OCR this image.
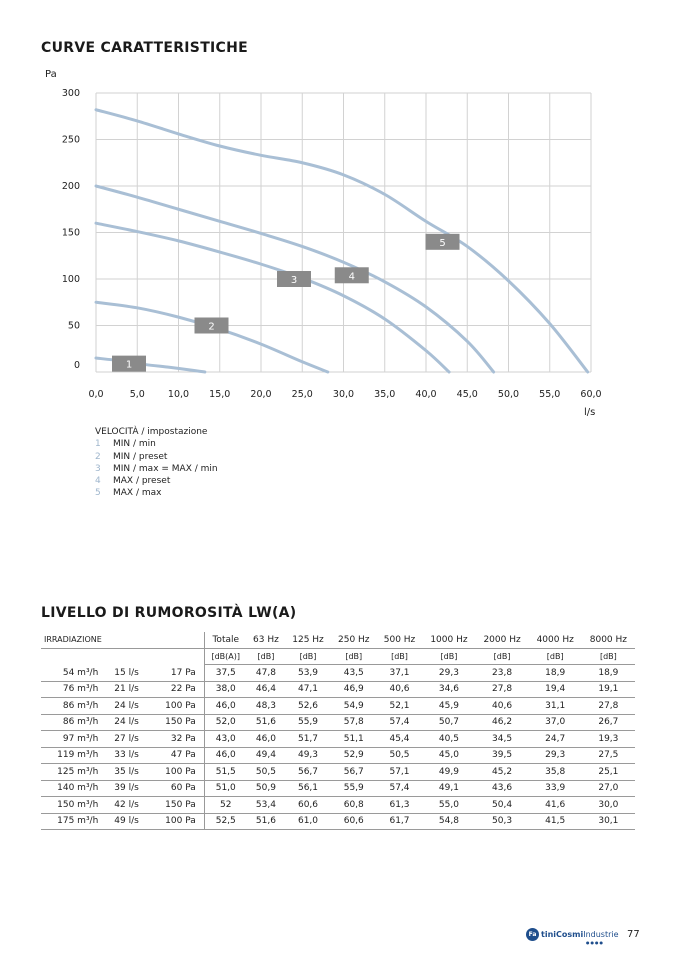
CURVE CARATTERISTICHE
0,0	5,0 10,0 15,0 20,0 25,0 30,0 35,0 40,0 45,0 50,0 55,0 60,0
300
250
200
150
100
50
0
Pa
l/s
1
2
3	4
5
VELOCITÀ / impostazione
1	MIN / min
2	MIN / preset
3	MIN / max = MAX / min
4	MAX / preset
5	MAX / max
LIVELLO DI RUMOROSITÀ LW(A)
IRRADIAZIONE			Totale	63 Hz	125 Hz	250 Hz	500 Hz	1000 Hz	2000 Hz	4000 Hz	8000 Hz
			[dB(A)]	[dB]	[dB]	[dB]	[dB]	[dB]	[dB]	[dB]	[dB]
54 m³/h	15 l/s	17 Pa	37,5	47,8	53,9	43,5	37,1	29,3	23,8	18,9	18,9
76 m³/h	21 l/s	22 Pa	38,0	46,4	47,1	46,9	40,6	34,6	27,8	19,4	19,1
86 m³/h	24 l/s	100 Pa	46,0	48,3	52,6	54,9	52,1	45,9	40,6	31,1	27,8
86 m³/h	24 l/s	150 Pa	52,0	51,6	55,9	57,8	57,4	50,7	46,2	37,0	26,7
97 m³/h	27 l/s	32 Pa	43,0	46,0	51,7	51,1	45,4	40,5	34,5	24,7	19,3
119 m³/h	33 l/s	47 Pa	46,0	49,4	49,3	52,9	50,5	45,0	39,5	29,3	27,5
125 m³/h	35 l/s	100 Pa	51,5	50,5	56,7	56,7	57,1	49,9	45,2	35,8	25,1
140 m³/h	39 l/s	60 Pa	51,0	50,9	56,1	55,9	57,4	49,1	43,6	33,9	27,0
150 m³/h	42 l/s	150 Pa	52	53,4	60,6	60,8	61,3	55,0	50,4	41,6	30,0
175 m³/h	49 l/s	100 Pa	52,5	51,6	61,0	60,6	61,7	54,8	50,3	41,5	30,1
Fa tiniCosmiIndustrie
●●●●
77
